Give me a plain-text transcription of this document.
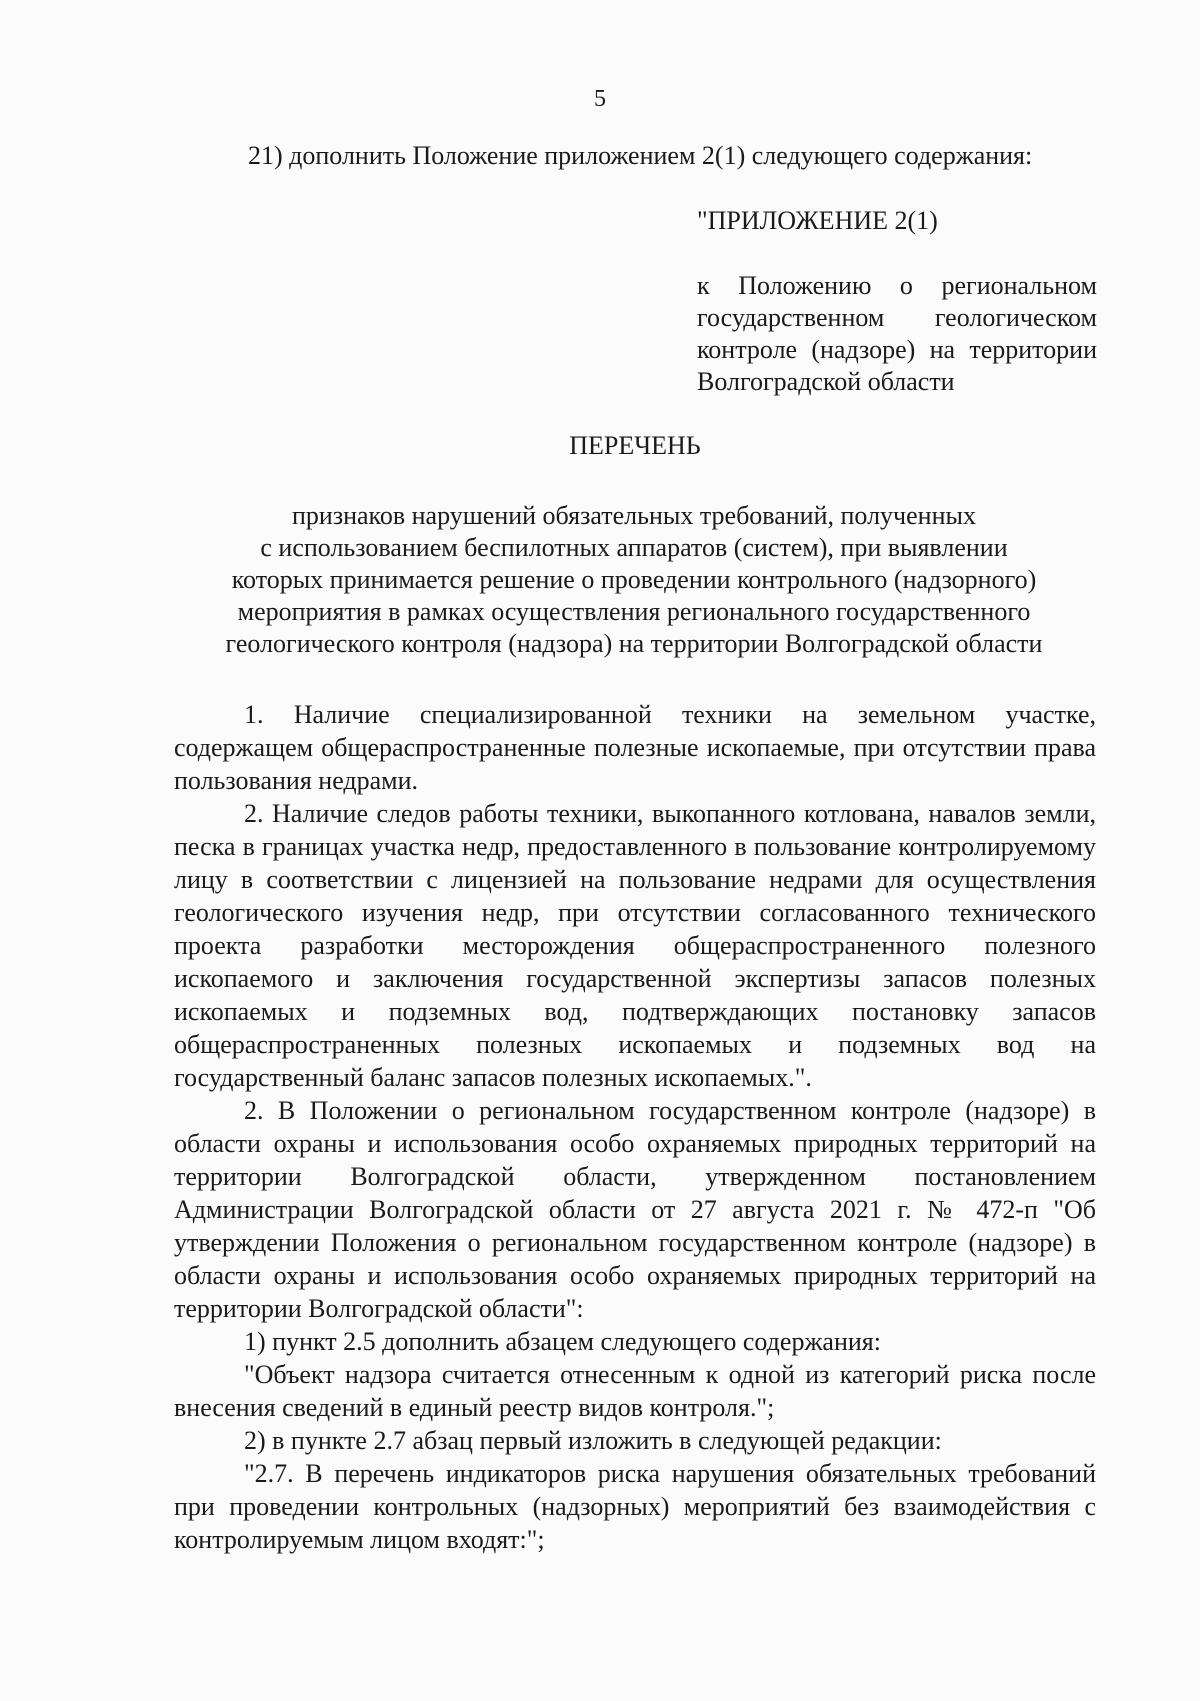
5
21) дополнить Положение приложением 2(1) следующего содержания:
"ПРИЛОЖЕНИЕ 2(1)
к Положению о региональном
государственном геологическом
контроле (надзоре) на территории
Волгоградской области
ПЕРЕЧЕНЬ
признаков нарушений обязательных требований, полученных
с использованием беспилотных аппаратов (систем), при выявлении
которых принимается решение о проведении контрольного (надзорного)
мероприятия в рамках осуществления регионального государственного
геологического контроля (надзора) на территории Волгоградской области

1. Наличие специализированной техники на земельном участке, содержащем общераспространенные полезные ископаемые, при отсутствии права пользования недрами.

2. Наличие следов работы техники, выкопанного котлована, навалов земли, песка в границах участка недр, предоставленного в пользование контролируемому лицу в соответствии с лицензией на пользование недрами для осуществления геологического изучения недр, при отсутствии согласованного технического проекта разработки месторождения общераспространенного полезного ископаемого и заключения государственной экспертизы запасов полезных ископаемых и подземных вод, подтверждающих постановку запасов общераспространенных полезных ископаемых и подземных вод на государственный баланс запасов полезных ископаемых.".

2. В Положении о региональном государственном контроле (надзоре) в области охраны и использования особо охраняемых природных территорий на территории Волгоградской области, утвержденном постановлением Администрации Волгоградской области от 27 августа 2021 г. № 472-п "Об утверждении Положения о региональном государственном контроле (надзоре) в области охраны и использования особо охраняемых природных территорий на территории Волгоградской области":

1) пункт 2.5 дополнить абзацем следующего содержания:

"Объект надзора считается отнесенным к одной из категорий риска после внесения сведений в единый реестр видов контроля.";

2) в пункте 2.7 абзац первый изложить в следующей редакции:

"2.7. В перечень индикаторов риска нарушения обязательных требований при проведении контрольных (надзорных) мероприятий без взаимодействия с контролируемым лицом входят:";
